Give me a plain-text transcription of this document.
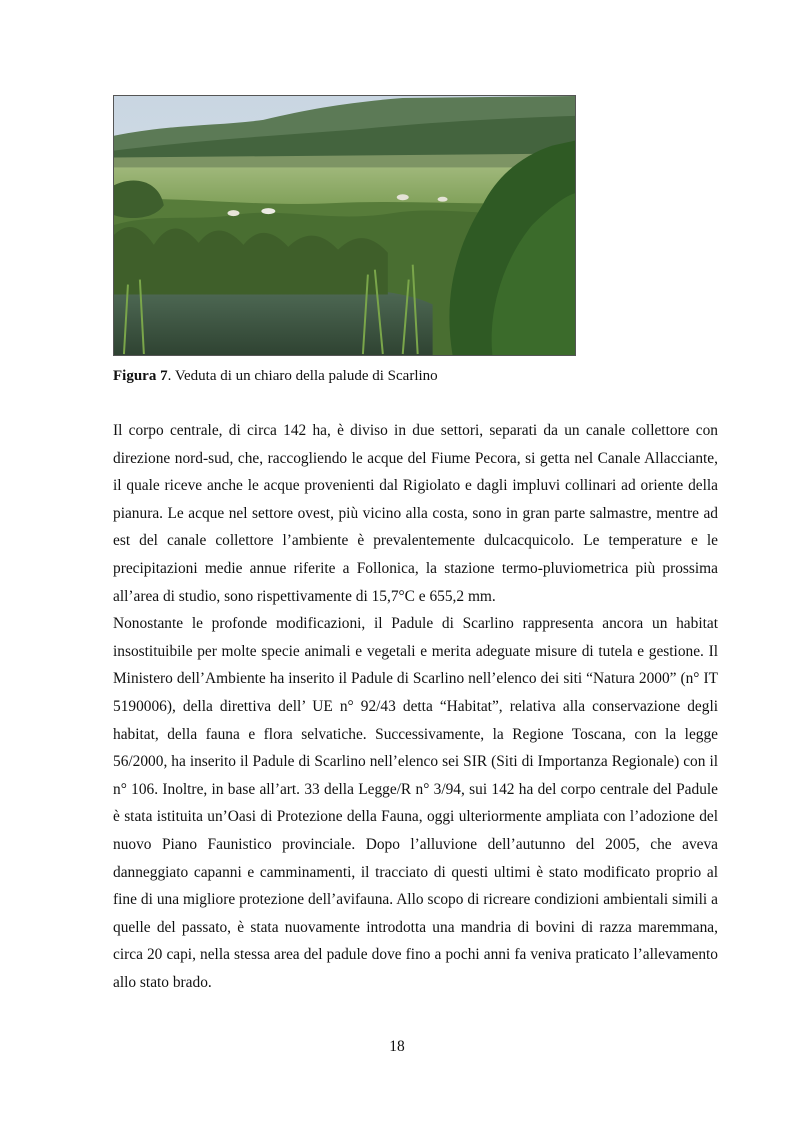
Figura 7. Veduta di un chiaro della palude di Scarlino

Il corpo centrale, di circa 142 ha, è diviso in due settori, separati da un canale collettore con direzione nord-sud, che, raccogliendo le acque del Fiume Pecora, si getta nel Canale Allacciante, il quale riceve anche le acque provenienti dal Rigiolato e dagli impluvi collinari ad oriente della pianura. Le acque nel settore ovest, più vicino alla costa, sono in gran parte salmastre, mentre ad est del canale collettore l’ambiente è prevalentemente dulcacquicolo. Le temperature e le precipitazioni medie annue riferite a Follonica, la stazione termo-pluviometrica più prossima all’area di studio, sono rispettivamente di 15,7°C e 655,2 mm.

Nonostante le profonde modificazioni, il Padule di Scarlino rappresenta ancora un habitat insostituibile per molte specie animali e vegetali e merita adeguate misure di tutela e gestione. Il Ministero dell’Ambiente ha inserito il Padule di Scarlino nell’elenco dei siti “Natura 2000” (n° IT 5190006), della direttiva dell’ UE n° 92/43 detta “Habitat”, relativa alla conservazione degli habitat, della fauna e flora selvatiche. Successivamente, la Regione Toscana, con la legge 56/2000, ha inserito il Padule di Scarlino nell’elenco sei SIR (Siti di Importanza Regionale) con il n° 106. Inoltre, in base all’art. 33 della Legge/R n° 3/94, sui 142 ha del corpo centrale del Padule è stata istituita un’Oasi di Protezione della Fauna, oggi ulteriormente ampliata con l’adozione del nuovo Piano Faunistico provinciale. Dopo l’alluvione dell’autunno del 2005, che aveva danneggiato capanni e camminamenti, il tracciato di questi ultimi è stato modificato proprio al fine di una migliore protezione dell’avifauna. Allo scopo di ricreare condizioni ambientali simili a quelle del passato, è stata nuovamente introdotta una mandria di bovini di razza maremmana, circa 20 capi, nella stessa area del padule dove fino a pochi anni fa veniva praticato l’allevamento allo stato brado.

18
